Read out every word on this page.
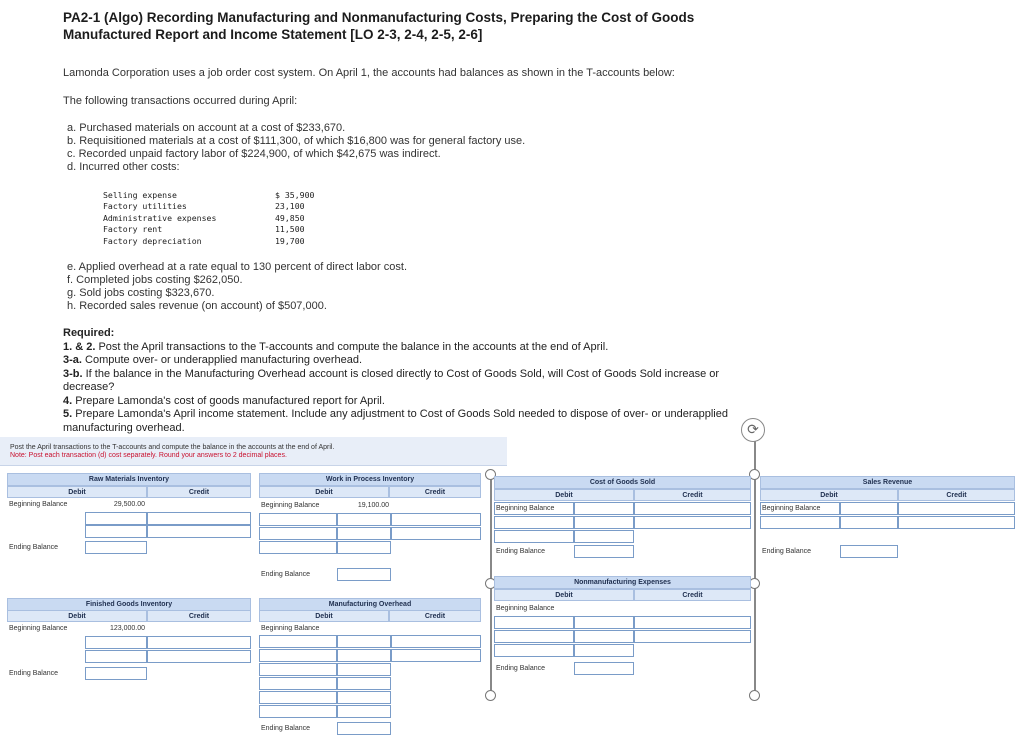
PA2-1 (Algo) Recording Manufacturing and Nonmanufacturing Costs, Preparing the Cost of Goods Manufactured Report and Income Statement [LO 2-3, 2-4, 2-5, 2-6]
Lamonda Corporation uses a job order cost system. On April 1, the accounts had balances as shown in the T-accounts below:
The following transactions occurred during April:
a. Purchased materials on account at a cost of $233,670.
b. Requisitioned materials at a cost of $111,300, of which $16,800 was for general factory use.
c. Recorded unpaid factory labor of $224,900, of which $42,675 was indirect.
d. Incurred other costs:
Selling expense	$ 35,900
Factory utilities	23,100
Administrative expenses	49,850
Factory rent	11,500
Factory depreciation	19,700
e. Applied overhead at a rate equal to 130 percent of direct labor cost.
f. Completed jobs costing $262,050.
g. Sold jobs costing $323,670.
h. Recorded sales revenue (on account) of $507,000.
Required:
1. & 2. Post the April transactions to the T-accounts and compute the balance in the accounts at the end of April.
3-a. Compute over- or underapplied manufacturing overhead.
3-b. If the balance in the Manufacturing Overhead account is closed directly to Cost of Goods Sold, will Cost of Goods Sold increase or decrease?
4. Prepare Lamonda's cost of goods manufactured report for April.
5. Prepare Lamonda's April income statement. Include any adjustment to Cost of Goods Sold needed to dispose of over- or underapplied manufacturing overhead.
Post the April transactions to the T-accounts and compute the balance in the accounts at the end of April.
Note: Post each transaction (d) cost separately. Round your answers to 2 decimal places.
⟳
Raw Materials Inventory
Debit	Credit
Beginning Balance	29,500.00
Ending Balance
Work in Process Inventory
Debit	Credit
Beginning Balance	19,100.00
Ending Balance
Cost of Goods Sold
Debit	Credit
Beginning Balance
Ending Balance
Sales Revenue
Debit	Credit
Beginning Balance
Ending Balance
Finished Goods Inventory
Debit	Credit
Beginning Balance	123,000.00
Ending Balance
Manufacturing Overhead
Debit	Credit
Beginning Balance
Ending Balance
Nonmanufacturing Expenses
Debit	Credit
Beginning Balance
Ending Balance
